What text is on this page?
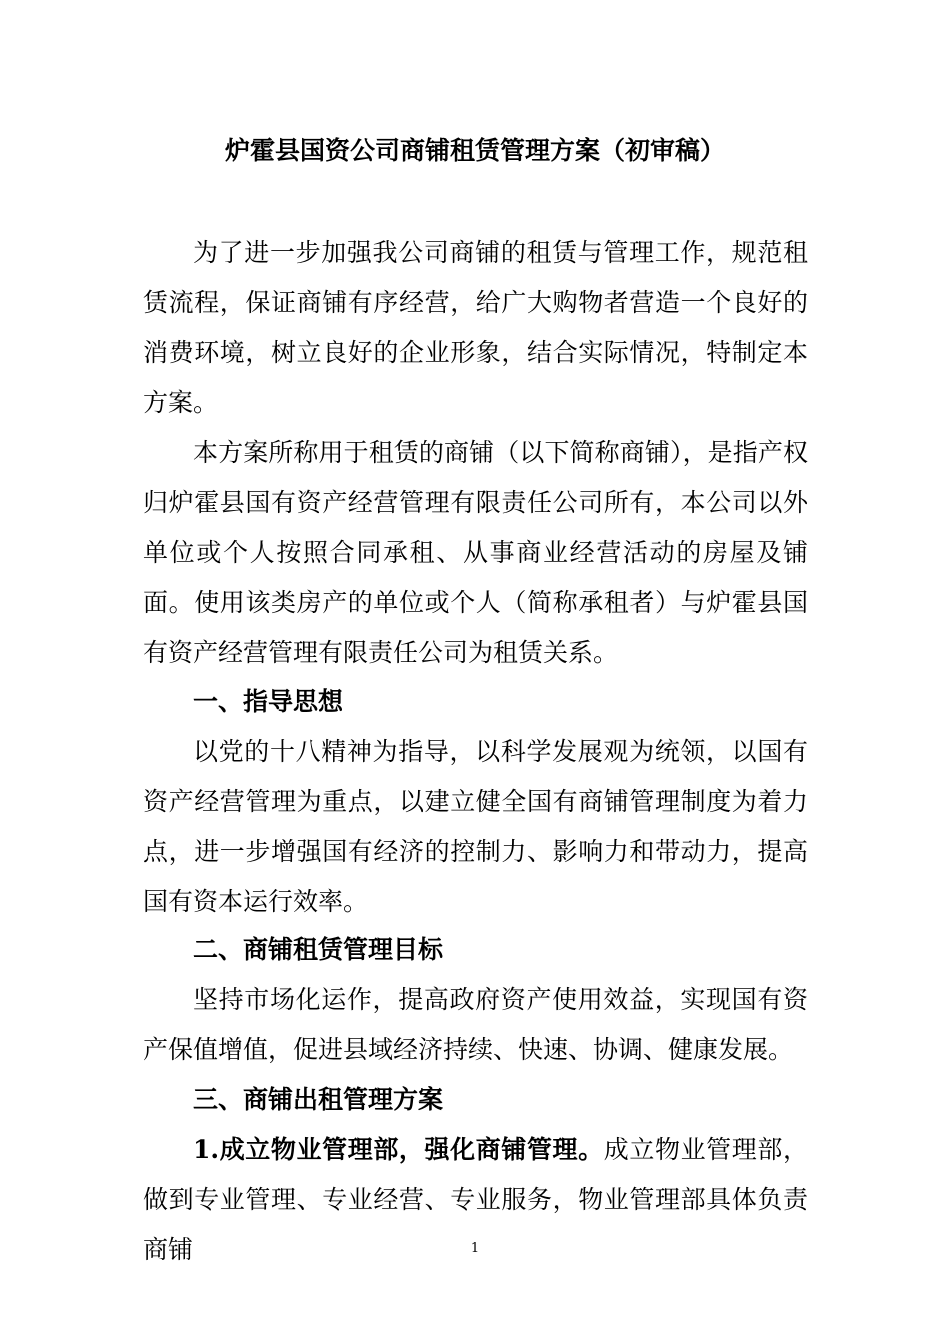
炉霍县国资公司商铺租赁管理方案（初审稿）

为了进一步加强我公司商铺的租赁与管理工作，规范租赁流程，保证商铺有序经营，给广大购物者营造一个良好的消费环境，树立良好的企业形象，结合实际情况，特制定本方案。

本方案所称用于租赁的商铺（以下简称商铺），是指产权归炉霍县国有资产经营管理有限责任公司所有，本公司以外单位或个人按照合同承租、从事商业经营活动的房屋及铺面。使用该类房产的单位或个人（简称承租者）与炉霍县国有资产经营管理有限责任公司为租赁关系。

一、指导思想

以党的十八精神为指导，以科学发展观为统领，以国有资产经营管理为重点，以建立健全国有商铺管理制度为着力点，进一步增强国有经济的控制力、影响力和带动力，提高国有资本运行效率。

二、商铺租赁管理目标

坚持市场化运作，提高政府资产使用效益，实现国有资产保值增值，促进县域经济持续、快速、协调、健康发展。

三、商铺出租管理方案

1.成立物业管理部，强化商铺管理。成立物业管理部，做到专业管理、专业经营、专业服务，物业管理部具体负责商铺	1
